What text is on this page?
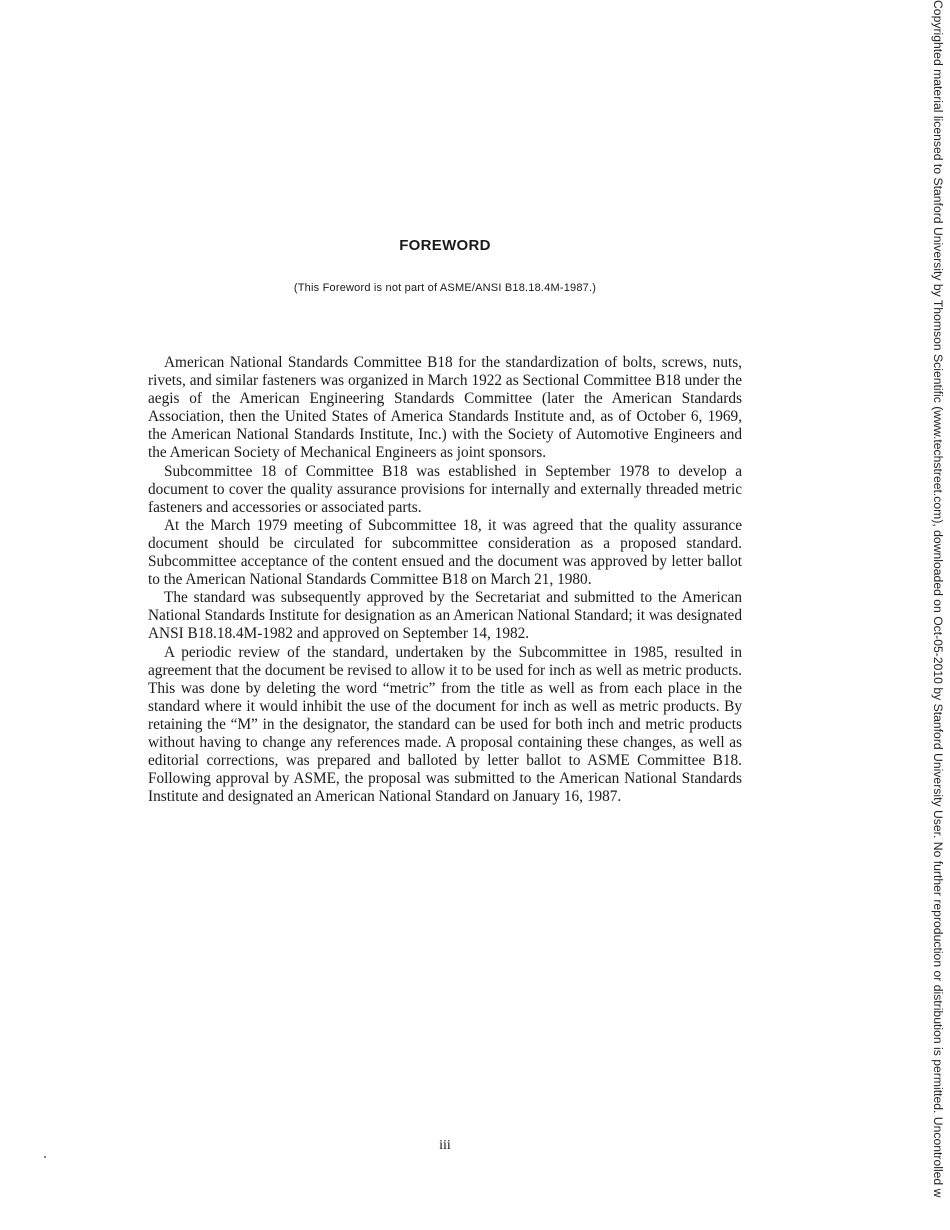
FOREWORD
(This Foreword is not part of ASME/ANSI B18.18.4M-1987.)

American National Standards Committee B18 for the standardization of bolts, screws, nuts, rivets, and similar fasteners was organized in March 1922 as Sectional Committee B18 under the aegis of the American Engineering Standards Committee (later the American Standards Association, then the United States of America Standards Institute and, as of October 6, 1969, the American National Standards Institute, Inc.) with the Society of Automotive Engineers and the American Society of Mechanical Engineers as joint sponsors.

Subcommittee 18 of Committee B18 was established in September 1978 to develop a document to cover the quality assurance provisions for internally and externally threaded metric fasteners and accessories or associated parts.

At the March 1979 meeting of Subcommittee 18, it was agreed that the quality assurance document should be circulated for subcommittee consideration as a proposed standard. Subcommittee acceptance of the content ensued and the document was approved by letter ballot to the American National Standards Committee B18 on March 21, 1980.

The standard was subsequently approved by the Secretariat and submitted to the American National Standards Institute for designation as an American National Standard; it was designated ANSI B18.18.4M-1982 and approved on September 14, 1982.

A periodic review of the standard, undertaken by the Subcommittee in 1985, resulted in agreement that the document be revised to allow it to be used for inch as well as metric products. This was done by deleting the word “metric” from the title as well as from each place in the standard where it would inhibit the use of the document for inch as well as metric products. By retaining the “M” in the designator, the standard can be used for both inch and metric products without having to change any references made. A proposal containing these changes, as well as editorial corrections, was prepared and balloted by letter ballot to ASME Committee B18. Following approval by ASME, the proposal was submitted to the American National Standards Institute and designated an American National Standard on January 16, 1987.

iii	Copyrighted material licensed to Stanford University by Thomson Scientific (www.techstreet.com), downloaded on Oct-05-2010 by Stanford University User. No further reproduction or distribution is permitted. Uncontrolled w
